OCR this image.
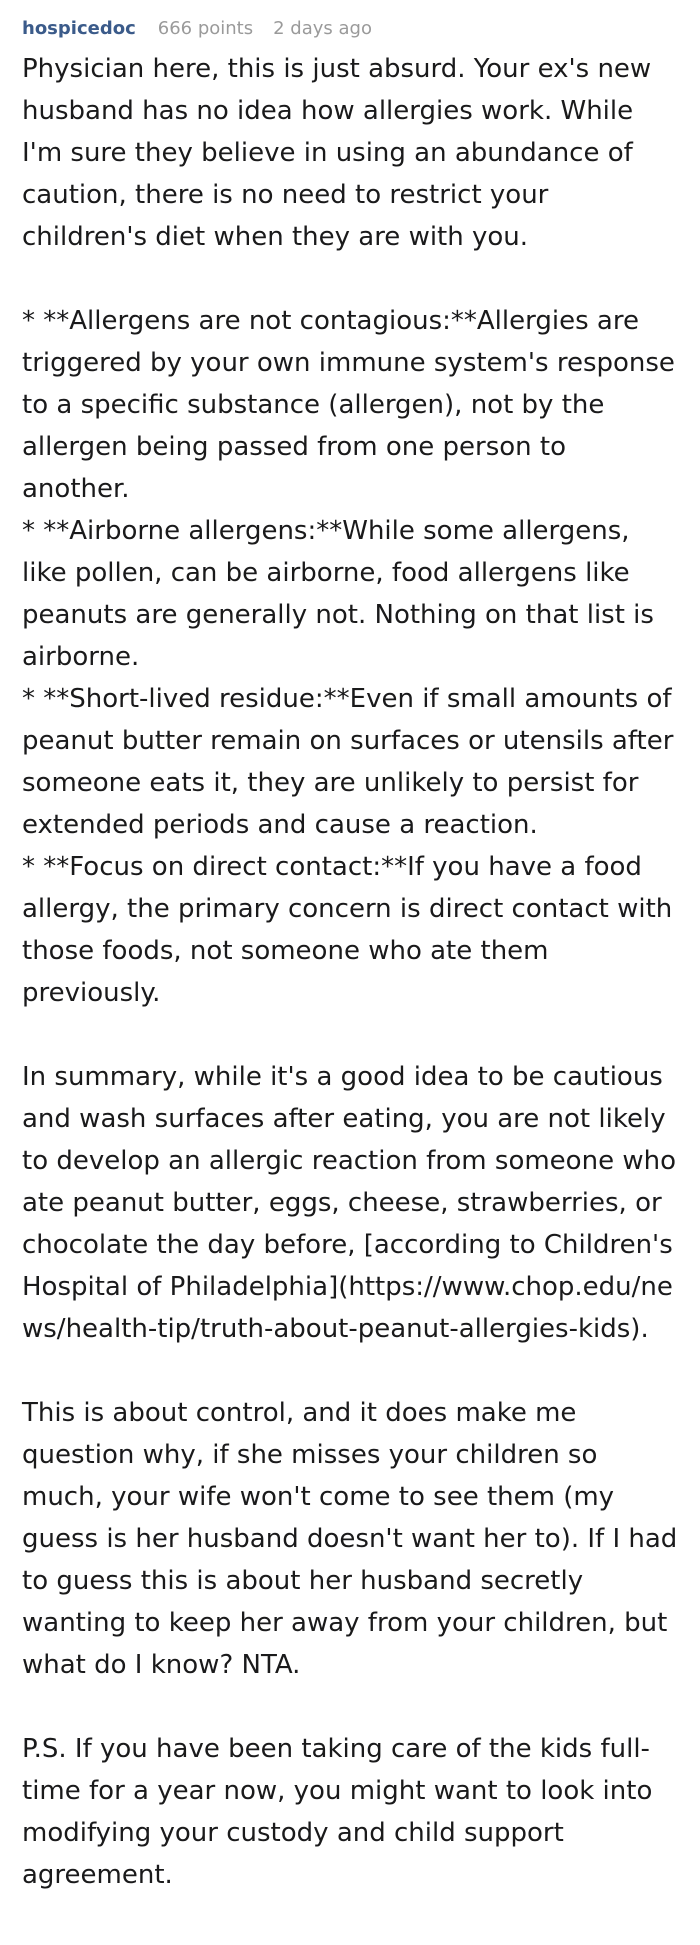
hospicedoc 666 points 2 days ago

Physician here, this is just absurd. Your ex's new husband has no idea how allergies work. While I'm sure they believe in using an abundance of caution, there is no need to restrict your children's diet when they are with you.

* **Allergens are not contagious:**Allergies are triggered by your own immune system's response to a specific substance (allergen), not by the allergen being passed from one person to another.

* **Airborne allergens:**While some allergens, like pollen, can be airborne, food allergens like peanuts are generally not. Nothing on that list is airborne.

* **Short-lived residue:**Even if small amounts of peanut butter remain on surfaces or utensils after someone eats it, they are unlikely to persist for extended periods and cause a reaction.

* **Focus on direct contact:**If you have a food allergy, the primary concern is direct contact with those foods, not someone who ate them previously.

In summary, while it's a good idea to be cautious and wash surfaces after eating, you are not likely to develop an allergic reaction from someone who ate peanut butter, eggs, cheese, strawberries, or chocolate the day before, [according to Children's Hospital of Philadelphia](https://www.chop.edu/news/health-tip/truth-about-peanut-allergies-kids).

This is about control, and it does make me question why, if she misses your children so much, your wife won't come to see them (my guess is her husband doesn't want her to). If I had to guess this is about her husband secretly wanting to keep her away from your children, but what do I know? NTA.

P.S. If you have been taking care of the kids full-time for a year now, you might want to look into modifying your custody and child support agreement.
